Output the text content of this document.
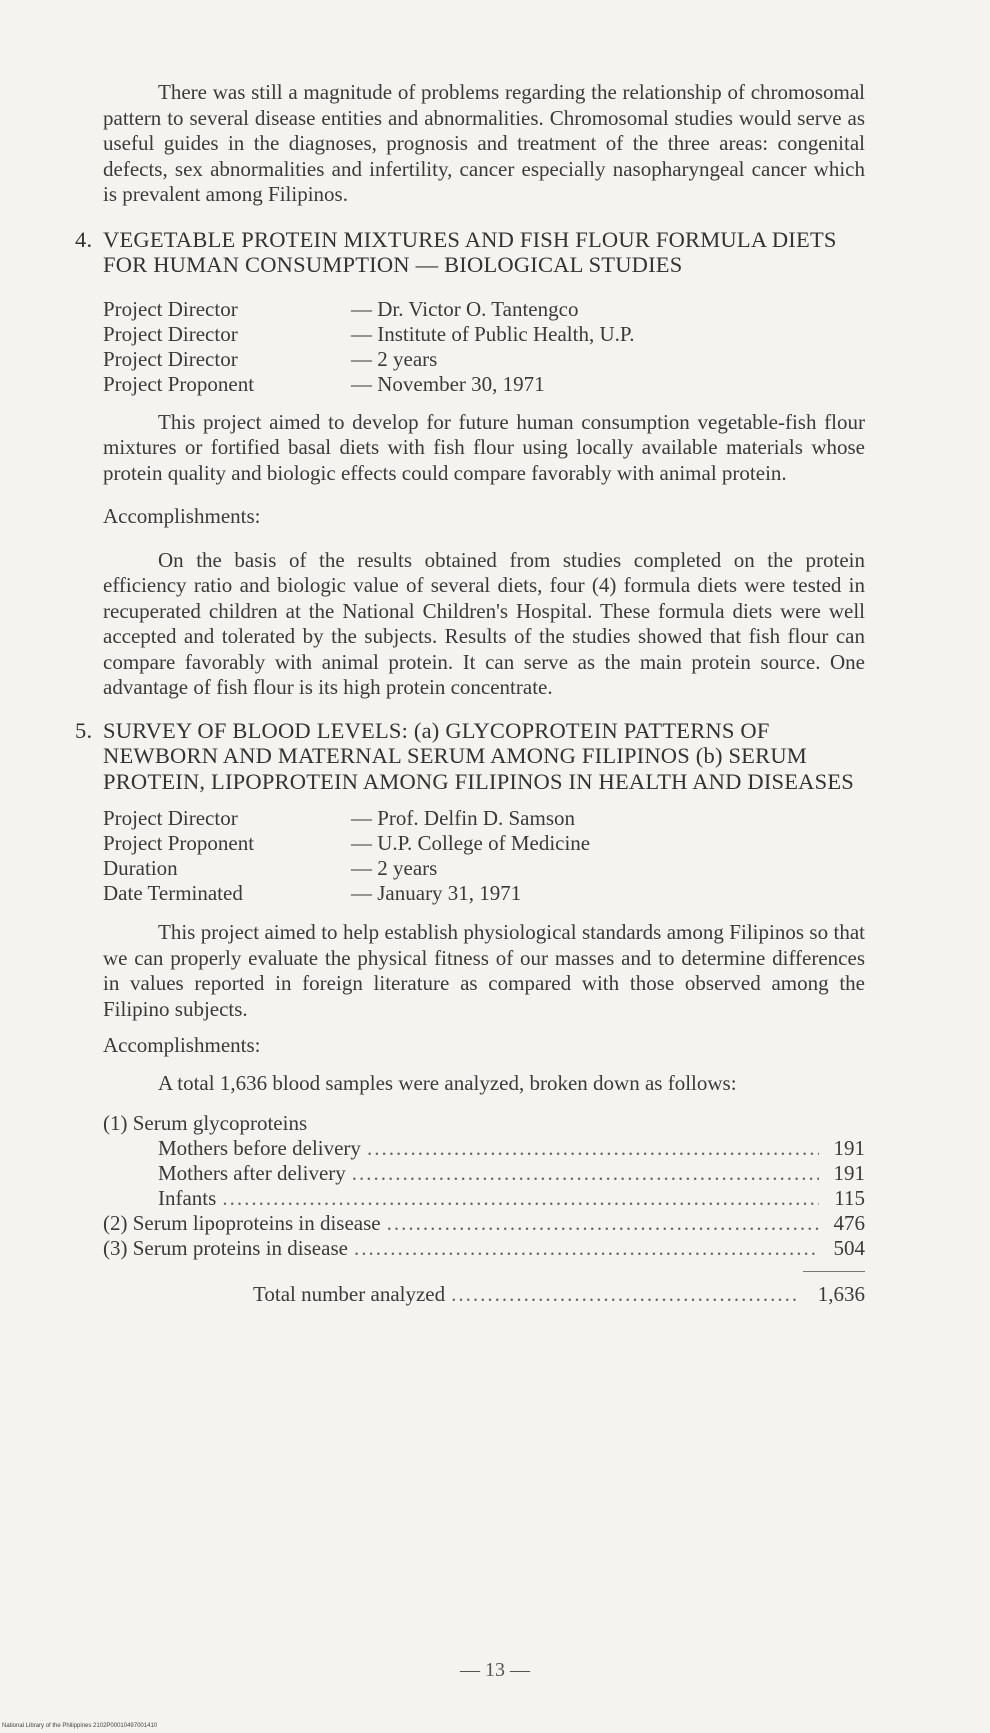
There was still a magnitude of problems regarding the relationship of chromosomal pattern to several disease entities and abnormalities. Chromosomal studies would serve as useful guides in the diagnoses, prognosis and treatment of the three areas: congenital defects, sex abnormalities and infertility, cancer especially nasopharyngeal cancer which is prevalent among Filipinos.

4. VEGETABLE PROTEIN MIXTURES AND FISH FLOUR FORMULA DIETS FOR HUMAN CONSUMPTION — BIOLOGICAL STUDIES
Project Director	— Dr. Victor O. Tantengco
Project Director	— Institute of Public Health, U.P.
Project Director	— 2 years
Project Proponent	— November 30, 1971

This project aimed to develop for future human consumption vegetable-fish flour mixtures or fortified basal diets with fish flour using locally available materials whose protein quality and biologic effects could compare favorably with animal protein.

Accomplishments:

On the basis of the results obtained from studies completed on the protein efficiency ratio and biologic value of several diets, four (4) formula diets were tested in recuperated children at the National Children's Hospital. These formula diets were well accepted and tolerated by the subjects. Results of the studies showed that fish flour can compare favorably with animal protein. It can serve as the main protein source. One advantage of fish flour is its high protein concentrate.

5. SURVEY OF BLOOD LEVELS: (a) GLYCOPROTEIN PATTERNS OF NEWBORN AND MATERNAL SERUM AMONG FILIPINOS (b) SERUM PROTEIN, LIPOPROTEIN AMONG FILIPINOS IN HEALTH AND DISEASES
Project Director	— Prof. Delfin D. Samson
Project Proponent	— U.P. College of Medicine
Duration	— 2 years
Date Terminated	— January 31, 1971

This project aimed to help establish physiological standards among Filipinos so that we can properly evaluate the physical fitness of our masses and to determine differences in values reported in foreign literature as compared with those observed among the Filipino subjects.

Accomplishments:

A total 1,636 blood samples were analyzed, broken down as follows:

(1) Serum glycoproteins
Mothers before delivery .....	191
Mothers after delivery .....	191
Infants .....	115
(2) Serum lipoproteins in disease .....	476
(3) Serum proteins in disease .....	504
Total number analyzed .....	1,636
— 13 —
National Library of the Philippines 2102P00010497001410
